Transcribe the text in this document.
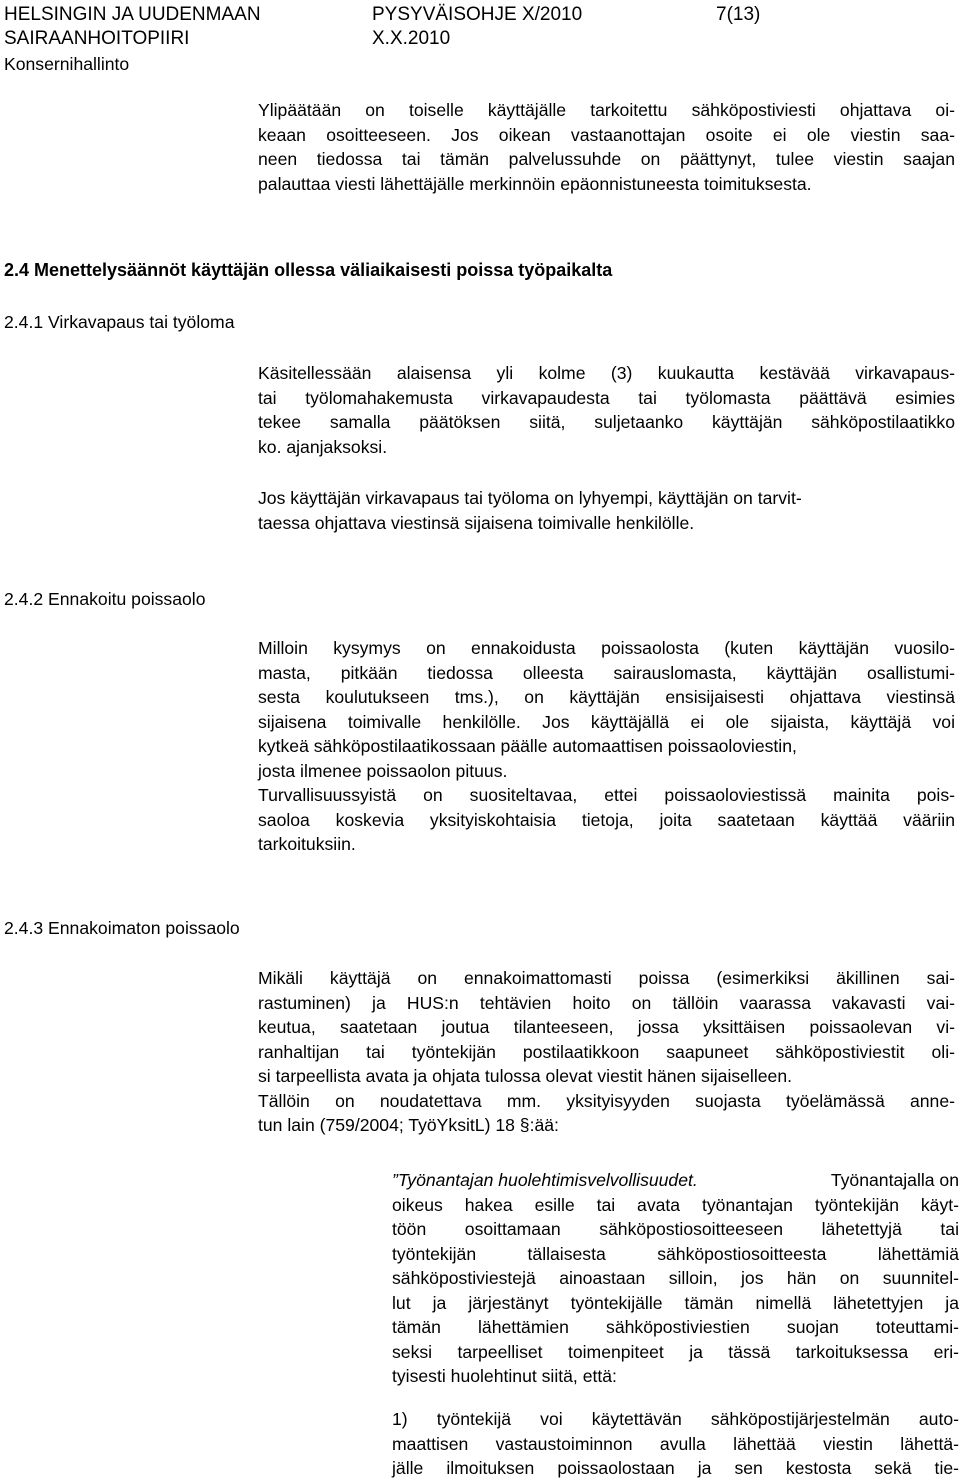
HELSINGIN JA UUDENMAAN
SAIRAANHOITOPIIRI
Konsernihallinto
PYSYVÄISOHJE X/2010
X.X.2010
7(13)
Ylipäätään on toiselle käyttäjälle tarkoitettu sähköpostiviesti ohjattava oi-
keaan osoitteeseen. Jos oikean vastaanottajan osoite ei ole viestin saa-
neen tiedossa tai tämän palvelussuhde on päättynyt, tulee viestin saajan
palauttaa viesti lähettäjälle merkinnöin epäonnistuneesta toimituksesta.
2.4 Menettelysäännöt käyttäjän ollessa väliaikaisesti poissa työpaikalta
2.4.1 Virkavapaus tai työloma
Käsitellessään alaisensa yli kolme (3) kuukautta kestävää virkavapaus-
tai työlomahakemusta virkavapaudesta tai työlomasta päättävä esimies
tekee samalla päätöksen siitä, suljetaanko käyttäjän sähköpostilaatikko
ko. ajanjaksoksi.
Jos käyttäjän virkavapaus tai työloma on lyhyempi, käyttäjän on tarvit-
taessa ohjattava viestinsä sijaisena toimivalle henkilölle.
2.4.2 Ennakoitu poissaolo
Milloin kysymys on ennakoidusta poissaolosta (kuten käyttäjän vuosilo-
masta, pitkään tiedossa olleesta sairauslomasta, käyttäjän osallistumi-
sesta koulutukseen tms.), on käyttäjän ensisijaisesti ohjattava viestinsä
sijaisena toimivalle henkilölle. Jos käyttäjällä ei ole sijaista, käyttäjä voi
kytkeä sähköpostilaatikossaan päälle automaattisen poissaoloviestin,
josta ilmenee poissaolon pituus.
Turvallisuussyistä on suositeltavaa, ettei poissaoloviestissä mainita pois-
saoloa koskevia yksityiskohtaisia tietoja, joita saatetaan käyttää vääriin
tarkoituksiin.
2.4.3 Ennakoimaton poissaolo
Mikäli käyttäjä on ennakoimattomasti poissa (esimerkiksi äkillinen sai-
rastuminen) ja HUS:n tehtävien hoito on tällöin vaarassa vakavasti vai-
keutua, saatetaan joutua tilanteeseen, jossa yksittäisen poissaolevan vi-
ranhaltijan tai työntekijän postilaatikkoon saapuneet sähköpostiviestit oli-
si tarpeellista avata ja ohjata tulossa olevat viestit hänen sijaiselleen.
Tällöin on noudatettava mm. yksityisyyden suojasta työelämässä annе-
tun lain (759/2004; TyöYksitL) 18 §:ää:
”Työnantajan huolehtimisvelvollisuudet.	Työnantajalla on
oikeus hakea esille tai avata työnantajan työntekijän käyt-
töön osoittamaan sähköpostiosoitteeseen lähetettyjä tai
työntekijän tällaisesta sähköpostiosoitteesta lähettämiä
sähköpostiviestejä ainoastaan silloin, jos hän on suunnitel-
lut ja järjestänyt työntekijälle tämän nimellä lähetettyjen ja
tämän lähettämien sähköpostiviestien suojan toteuttami-
seksi tarpeelliset toimenpiteet ja tässä tarkoituksessa eri-
tyisesti huolehtinut siitä, että:
1) työntekijä voi käytettävän sähköpostijärjestelmän auto-
maattisen vastaustoiminnon avulla lähettää viestin lähettä-
jälle ilmoituksen poissaolostaan ja sen kestosta sekä tie-
